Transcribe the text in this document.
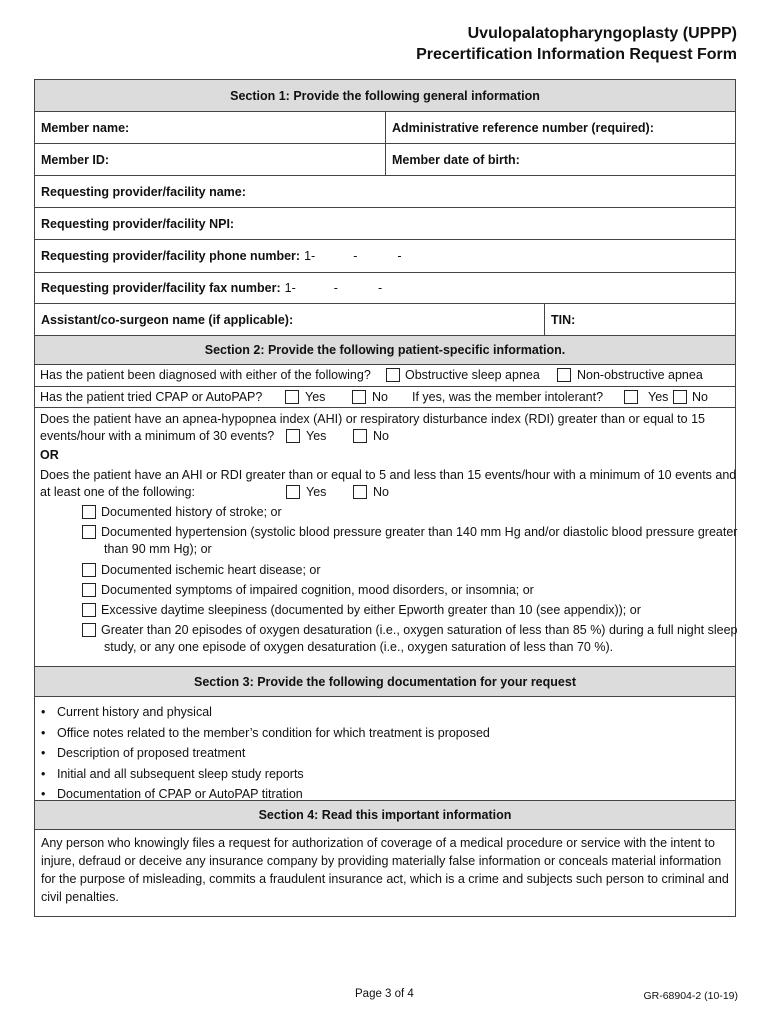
Uvulopalatopharyngoplasty (UPPP)
Precertification Information Request Form
Section 1: Provide the following general information
Member name:	Administrative reference number (required):
Member ID:	Member date of birth:
Requesting provider/facility name:
Requesting provider/facility NPI:
Requesting provider/facility phone number: 1-	-	-
Requesting provider/facility fax number: 1-	-	-
Assistant/co-surgeon name (if applicable):	TIN:
Section 2: Provide the following patient-specific information.
Has the patient been diagnosed with either of the following?	Obstructive sleep apnea	Non-obstructive apnea
Has the patient tried CPAP or AutoPAP?	Yes	No If yes, was the member intolerant?	Yes No
Does the patient have an apnea-hypopnea index (AHI) or respiratory disturbance index (RDI) greater than or equal to 15
events/hour with a minimum of 30 events?	Yes	No
OR
Does the patient have an AHI or RDI greater than or equal to 5 and less than 15 events/hour with a minimum of 10 events and
at least one of the following:	Yes	No
Documented history of stroke; or
Documented hypertension (systolic blood pressure greater than 140 mm Hg and/or diastolic blood pressure greater
than 90 mm Hg); or
Documented ischemic heart disease; or
Documented symptoms of impaired cognition, mood disorders, or insomnia; or
Excessive daytime sleepiness (documented by either Epworth greater than 10 (see appendix)); or
Greater than 20 episodes of oxygen desaturation (i.e., oxygen saturation of less than 85 %) during a full night sleep
study, or any one episode of oxygen desaturation (i.e., oxygen saturation of less than 70 %).
Section 3: Provide the following documentation for your request
• Current history and physical
• Office notes related to the member’s condition for which treatment is proposed
• Description of proposed treatment
• Initial and all subsequent sleep study reports
• Documentation of CPAP or AutoPAP titration
Section 4: Read this important information
Any person who knowingly files a request for authorization of coverage of a medical procedure or service with the intent to
injure, defraud or deceive any insurance company by providing materially false information or conceals material information
for the purpose of misleading, commits a fraudulent insurance act, which is a crime and subjects such person to criminal and
civil penalties.
Page 3 of 4	GR-68904-2 (10-19)
